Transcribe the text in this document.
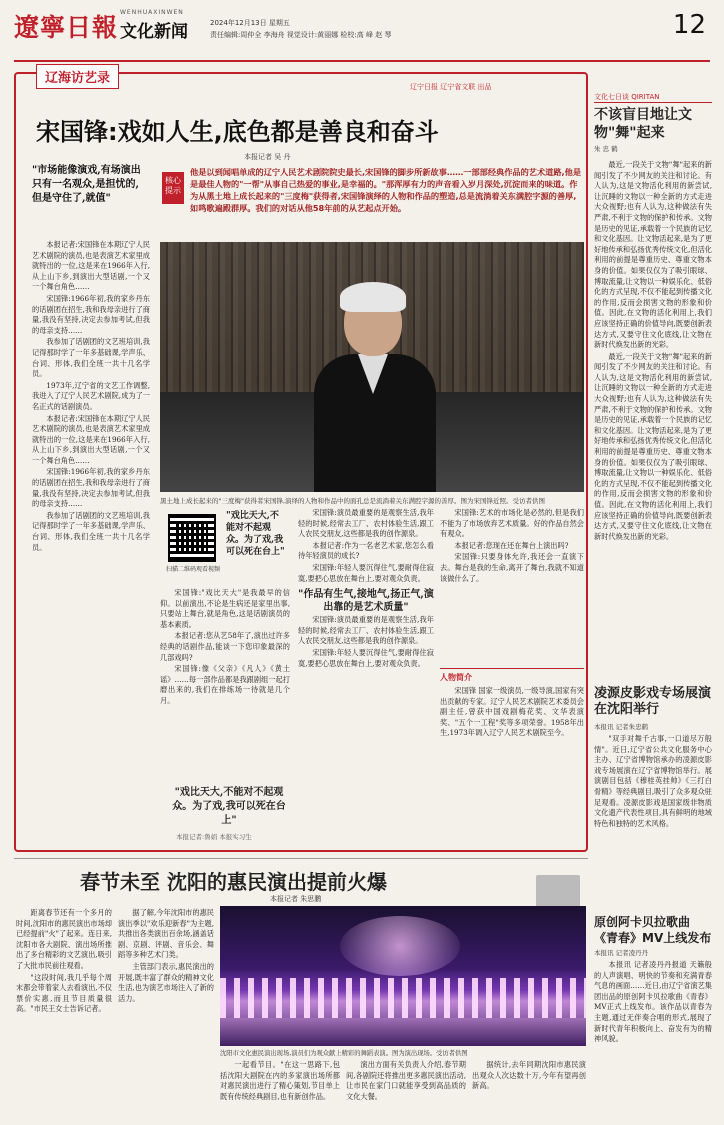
遼寧日報
WENHUAXINWEN
文化新闻	2024年12月13日 星期五
责任编辑:周仲全 李海舟 视觉设计:黄丽娜 检校:高 峰 赵 琴	12
辽海访艺录
辽宁日报 辽宁省文联 出品
宋国锋:戏如人生,底色都是善良和奋斗
本报记者 吴 丹
"市场能像演戏,有场演出只有一名观众,是担忧的,但是守住了,就值"
核心提示
他是以到闻唱单成的辽宁人民艺术剧院院史最长,宋国锋的脚步所新故事……一部部经典作品的艺术道路,他是是最佳人物的"一帮"从事自己热爱的事业,是幸福的。"那浑厚有力的声音看入岁月深处,沉淀而来的味道。作为从黑土地上成长起来的"三度梅"获得者,宋国锋演绎的人物和作品的塑造,总是流淌着关东满腔字源的善厚,如鸣歌遍殿群厚。我们的对话从他58年前的从艺起点开始。
黑土地上成长起来的"三度梅"获得者宋国锋,演绎的人物和作品中的面孔总是流淌着关东满腔字源的善厚。图为宋国锋近照。受访者供图

本报记者:宋国锋在本期辽宁人民艺术剧院的演员,也是表演艺术家里成就特出的一位,这是来在1966年入行,从上山下乡,到演出大型话剧,一个又一个舞台角色……

宋国锋:1966年初,我的家乡丹东的话剧团在招生,我和我母亲进行了商量,我没有坚持,决定去参加考试,但我的母亲支持……

我参加了话剧团的文艺班培训,我记得那时学了一年多基础课,学声乐、台词、形体,我们全班一共十几名学员。

1973年,辽宁省的文艺工作调整,我进入了辽宁人民艺术剧院,成为了一名正式的话剧演员。

本报记者:宋国锋在本期辽宁人民艺术剧院的演员,也是表演艺术家里成就特出的一位,这是来在1966年入行,从上山下乡,到演出大型话剧,一个又一个舞台角色……

宋国锋:1966年初,我的家乡丹东的话剧团在招生,我和我母亲进行了商量,我没有坚持,决定去参加考试,但我的母亲支持……

我参加了话剧团的文艺班培训,我记得那时学了一年多基础课,学声乐、台词、形体,我们全班一共十几名学员。

扫描二维码观看视频
"戏比天大,不能对不起观众。为了戏,我可以死在台上"

宋国锋:"戏比天大"是我最早的信仰。以前演出,不论是生病还是家里出事,只要站上舞台,就是角色,这是话剧演员的基本素质。

本报记者:您从艺58年了,演出过许多经典的话剧作品,能谈一下您印象最深的几部戏吗?

宋国锋:像《父亲》《凡人》《黄土谣》……每一部作品都是我跟剧组一起打磨出来的,我们在排练场一待就是几个月。

"戏比天大,不能对不起观众。为了戏,我可以死在台上"
本报记者:鲁娟 本报实习生

宋国锋:演员最重要的是观察生活,我年轻的时候,经常去工厂、农村体验生活,跟工人农民交朋友,这些都是我的创作源泉。

本报记者:作为一名老艺术家,您怎么看待年轻演员的成长?

宋国锋:年轻人要沉得住气,要耐得住寂寞,要把心思放在舞台上,要对观众负责。

"作品有生气,接地气,扬正气,演出靠的是艺术质量"

宋国锋:演员最重要的是观察生活,我年轻的时候,经常去工厂、农村体验生活,跟工人农民交朋友,这些都是我的创作源泉。

宋国锋:年轻人要沉得住气,要耐得住寂寞,要把心思放在舞台上,要对观众负责。

宋国锋:艺术的市场化是必然的,但是我们不能为了市场放弃艺术质量。好的作品自然会有观众。

本报记者:您现在还在舞台上演出吗?

宋国锋:只要身体允许,我还会一直演下去。舞台是我的生命,离开了舞台,我就不知道该做什么了。

人物简介

宋国锋 国家一级演员,一级导演,国家有突出贡献的专家。辽宁人民艺术剧院艺术委员会副主任,曾获中国戏剧梅花奖、文华表演奖、"五个一工程"奖等多项荣誉。1958年出生,1973年调入辽宁人民艺术剧院至今。

文化七日谈 QIRITAN
不该盲目地让文物"舞"起来
朱 忠 鹤

最近,一段关于文物"舞"起来的新闻引发了不少网友的关注和讨论。有人认为,这是文物活化利用的新尝试,让沉睡的文物以一种全新的方式走进大众视野;也有人认为,这种做法有失严肃,不利于文物的保护和传承。文物是历史的见证,承载着一个民族的记忆和文化基因。让文物活起来,是为了更好地传承和弘扬优秀传统文化,但活化利用的前提是尊重历史、尊重文物本身的价值。如果仅仅为了吸引眼球、博取流量,让文物以一种娱乐化、低俗化的方式呈现,不仅不能起到传播文化的作用,反而会损害文物的形象和价值。因此,在文物的活化利用上,我们应该坚持正确的价值导向,既要创新表达方式,又要守住文化底线,让文物在新时代焕发出新的光彩。

最近,一段关于文物"舞"起来的新闻引发了不少网友的关注和讨论。有人认为,这是文物活化利用的新尝试,让沉睡的文物以一种全新的方式走进大众视野;也有人认为,这种做法有失严肃,不利于文物的保护和传承。文物是历史的见证,承载着一个民族的记忆和文化基因。让文物活起来,是为了更好地传承和弘扬优秀传统文化,但活化利用的前提是尊重历史、尊重文物本身的价值。如果仅仅为了吸引眼球、博取流量,让文物以一种娱乐化、低俗化的方式呈现,不仅不能起到传播文化的作用,反而会损害文物的形象和价值。因此,在文物的活化利用上,我们应该坚持正确的价值导向,既要创新表达方式,又要守住文化底线,让文物在新时代焕发出新的光彩。

凌源皮影戏专场展演在沈阳举行
本报讯 记者朱忠鹤

"双手对舞千古事,一口道尽万般情"。近日,辽宁省公共文化服务中心主办、辽宁省博物馆承办的凌源皮影戏专场展演在辽宁省博物馆举行。展演剧目包括《穆桂英挂帅》《三打白骨精》等经典剧目,吸引了众多观众驻足观看。凌源皮影戏是国家级非物质文化遗产代表性项目,具有鲜明的地域特色和独特的艺术风格。

原创阿卡贝拉歌曲《青春》MV上线发布
本报讯 记者凌丹丹

本报讯 记者凌丹丹报道 天籁般的人声演唱、明快的节奏和充满青春气息的画面……近日,由辽宁省演艺集团出品的原创阿卡贝拉歌曲《青春》MV正式上线发布。该作品以青春为主题,通过无伴奏合唱的形式,展现了新时代青年积极向上、奋发有为的精神风貌。

春节未至 沈阳的惠民演出提前火爆
本报记者 朱思鹏

距离春节还有一个多月的时间,沈阳市的惠民演出市场却已经提前"火"了起来。连日来,沈阳市各大剧院、演出场所推出了多台精彩的文艺演出,吸引了大批市民前往观看。

"这段时间,我几乎每个周末都会带着家人去看演出,不仅票价实惠,而且节目质量很高。"市民王女士告诉记者。

据了解,今年沈阳市的惠民演出季以"欢乐迎新春"为主题,共推出各类演出百余场,涵盖话剧、京剧、评剧、音乐会、舞蹈等多种艺术门类。

主管部门表示,惠民演出的开展,既丰富了群众的精神文化生活,也为演艺市场注入了新的活力。

沈阳市文化惠民演出现场,演员们为观众献上精彩的舞蹈表演。图为演出现场。受访者供图

一起看节目。"在这一思路下,包括沈阳大剧院在内的多家演出场所都对惠民演出进行了精心策划,节目单上既有传统经典剧目,也有新创作品。

演出方面有关负责人介绍,春节期间,各剧院还将推出更多惠民演出活动,让市民在家门口就能享受到高品质的文化大餐。

据统计,去年同期沈阳市惠民演出观众人次达数十万,今年有望再创新高。
